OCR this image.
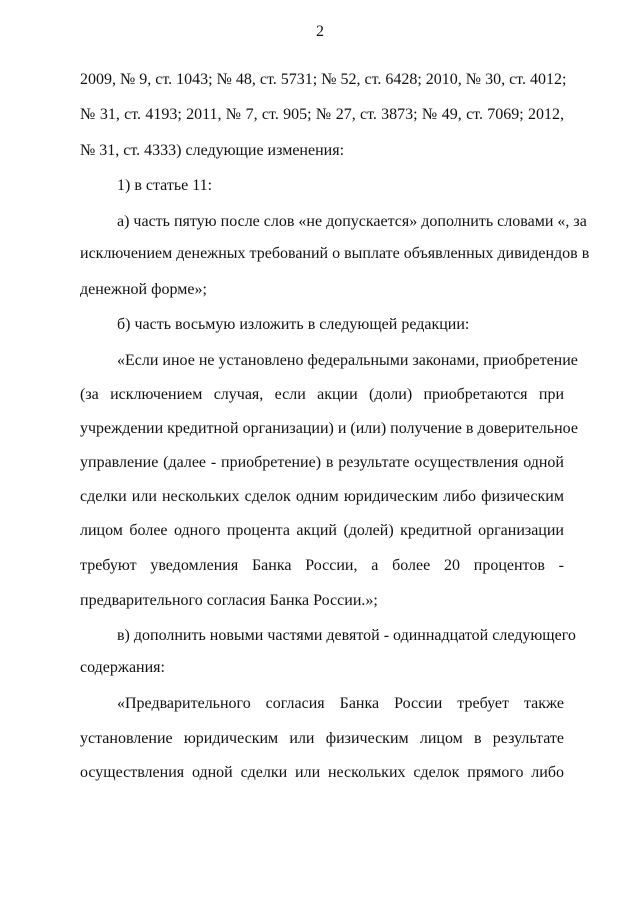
2
2009, № 9, ст. 1043; № 48, ст. 5731; № 52, ст. 6428; 2010, № 30, ст. 4012;
№ 31, ст. 4193; 2011, № 7, ст. 905; № 27, ст. 3873; № 49, ст. 7069; 2012,
№ 31, ст. 4333) следующие изменения:
1) в статье 11:
а) часть пятую после слов «не допускается» дополнить словами «, за
исключением денежных требований о выплате объявленных дивидендов в
денежной форме»;
б) часть восьмую изложить в следующей редакции:
«Если иное не установлено федеральными законами, приобретение
(за исключением случая, если акции (доли) приобретаются при
учреждении кредитной организации) и (или) получение в доверительное
управление (далее - приобретение) в результате осуществления одной
сделки или нескольких сделок одним юридическим либо физическим
лицом более одного процента акций (долей) кредитной организации
требуют уведомления Банка России, а более 20 процентов -
предварительного согласия Банка России.»;
в) дополнить новыми частями девятой - одиннадцатой следующего
содержания:
«Предварительного согласия Банка России требует также
установление юридическим или физическим лицом в результате
осуществления одной сделки или нескольких сделок прямого либо
